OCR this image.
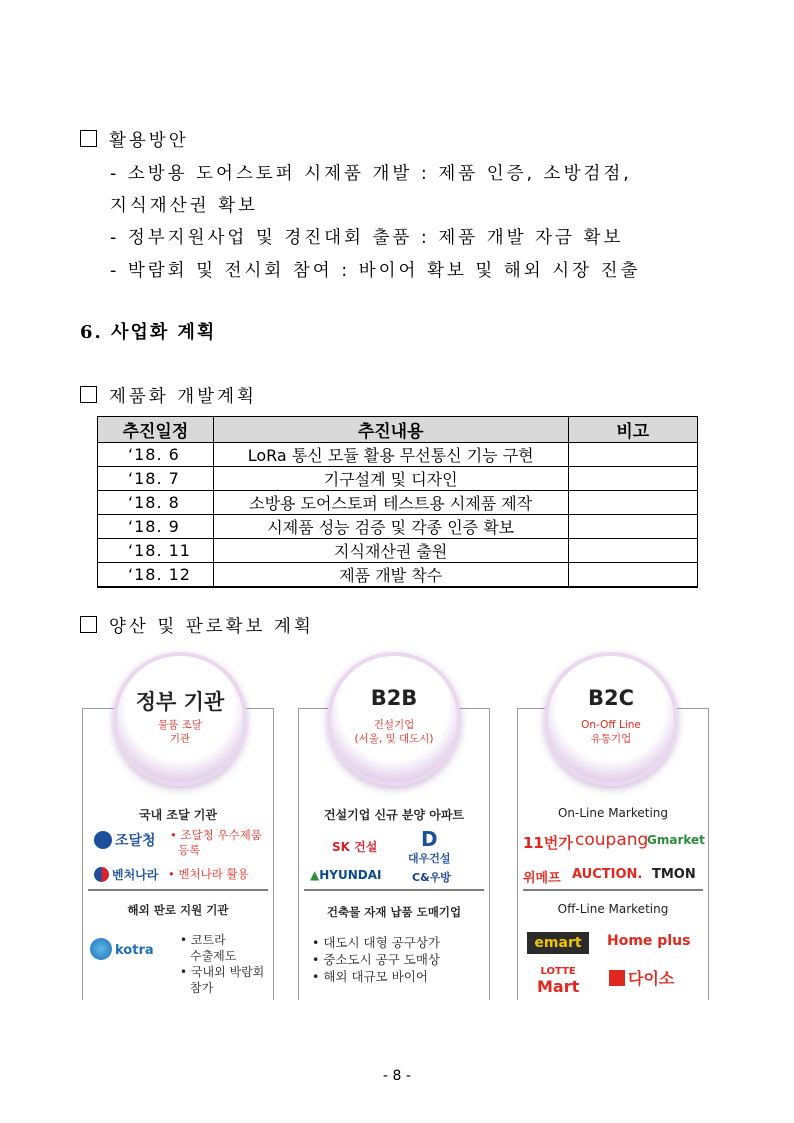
활용방안
- 소방용 도어스토퍼 시제품 개발 : 제품 인증, 소방검점,
지식재산권 확보
- 정부지원사업 및 경진대회 출품 : 제품 개발 자금 확보
- 박람회 및 전시회 참여 : 바이어 확보 및 해외 시장 진출
6. 사업화 계획
제품화 개발계획
추진일정	추진내용	비고
‘18. 6	LoRa 통신 모듈 활용 무선통신 기능 구현	
‘18. 7	기구설계 및 디자인	
‘18. 8	소방용 도어스토퍼 테스트용 시제품 제작	
‘18. 9	시제품 성능 검증 및 각종 인증 확보	
‘18. 11	지식재산권 출원	
‘18. 12	제품 개발 착수	
양산 및 판로확보 계획
정부 기관
물품 조달
기관
국내 조달 기관
조달청 • 조달청 우수제품
등록
벤처나라 • 벤처나라 활용
해외 판로 지원 기관
kotra
• 코트라
수출제도
• 국내외 박람회
참가
B2B
건설기업
(서울, 및 대도시)
건설기업 신규 분양 아파트
SK 건설	D
대우건설
▲HYUNDAI	C&우방
건축물 자재 납품 도매기업
• 대도시 대형 공구상가
• 중소도시 공구 도매상
• 해외 대규모 바이어
B2C
On-Off Line
유통기업
On-Line Marketing
11번가 coupang
Gmarket
위메프 AUCTION. TMON
Off-Line Marketing
emart	Home plus
LOTTE
Mart	다이소
- 8 -
